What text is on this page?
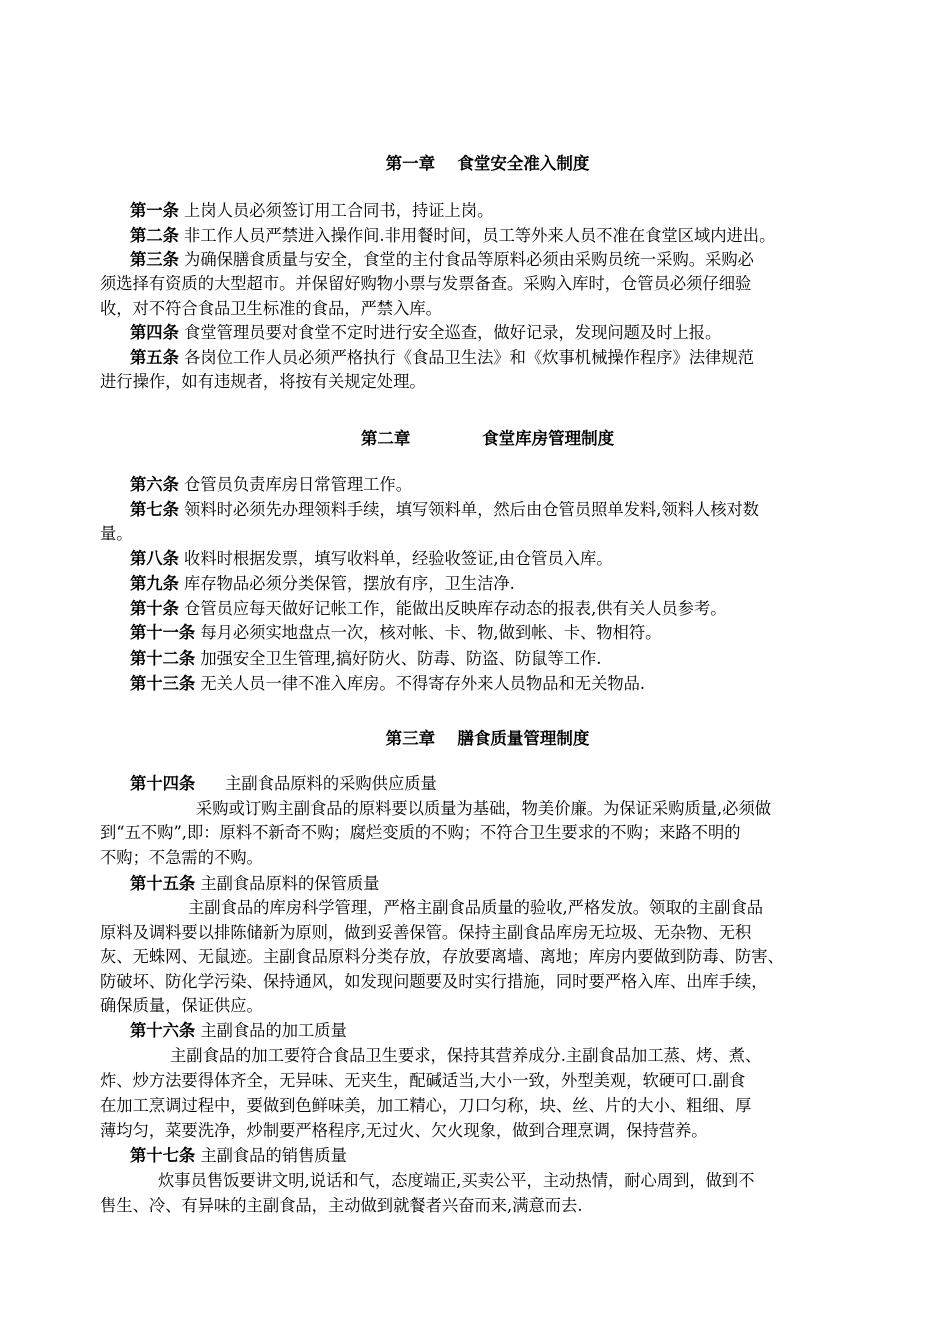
第一章　 食堂安全准入制度
第一条 上岗人员必须签订用工合同书，持证上岗。
第二条 非工作人员严禁进入操作间.非用餐时间，员工等外来人员不准在食堂区域内进出。
第三条 为确保膳食质量与安全，食堂的主付食品等原料必须由采购员统一采购。采购必
须选择有资质的大型超市。并保留好购物小票与发票备查。采购入库时，仓管员必须仔细验
收，对不符合食品卫生标准的食品，严禁入库。
第四条 食堂管理员要对食堂不定时进行安全巡查，做好记录，发现问题及时上报。
第五条 各岗位工作人员必须严格执行《食品卫生法》和《炊事机械操作程序》法律规范
进行操作，如有违规者，将按有关规定处理。
第二章　　　　 食堂库房管理制度
第六条 仓管员负责库房日常管理工作。
第七条 领料时必须先办理领料手续，填写领料单，然后由仓管员照单发料,领料人核对数
量。
第八条 收料时根据发票，填写收料单，经验收签证,由仓管员入库。
第九条 库存物品必须分类保管，摆放有序，卫生洁净.
第十条 仓管员应每天做好记帐工作，能做出反映库存动态的报表,供有关人员参考。
第十一条 每月必须实地盘点一次，核对帐、卡、物,做到帐、卡、物相符。
第十二条 加强安全卫生管理,搞好防火、防毒、防盗、防鼠等工作.
第十三条 无关人员一律不准入库房。不得寄存外来人员物品和无关物品.
第三章　 膳食质量管理制度
第十四条 主副食品原料的采购供应质量
采购或订购主副食品的原料要以质量为基础，物美价廉。为保证采购质量,必须做
到“五不购”,即：原料不新奇不购；腐烂变质的不购；不符合卫生要求的不购；来路不明的
不购；不急需的不购。
第十五条 主副食品原料的保管质量
主副食品的库房科学管理，严格主副食品质量的验收,严格发放。领取的主副食品
原料及调料要以排陈储新为原则，做到妥善保管。保持主副食品库房无垃圾、无杂物、无积
灰、无蛛网、无鼠迹。主副食品原料分类存放，存放要离墙、离地；库房内要做到防毒、防害、
防破坏、防化学污染、保持通风，如发现问题要及时实行措施，同时要严格入库、出库手续，
确保质量，保证供应。
第十六条 主副食品的加工质量
主副食品的加工要符合食品卫生要求，保持其营养成分.主副食品加工蒸、烤、煮、
炸、炒方法要得体齐全，无异味、无夹生，配碱适当,大小一致，外型美观，软硬可口.副食
在加工烹调过程中，要做到色鲜味美，加工精心，刀口匀称，块、丝、片的大小、粗细、厚
薄均匀，菜要洗净，炒制要严格程序,无过火、欠火现象，做到合理烹调，保持营养。
第十七条 主副食品的销售质量
炊事员售饭要讲文明,说话和气，态度端正,买卖公平，主动热情，耐心周到，做到不
售生、冷、有异味的主副食品，主动做到就餐者兴奋而来,满意而去.
